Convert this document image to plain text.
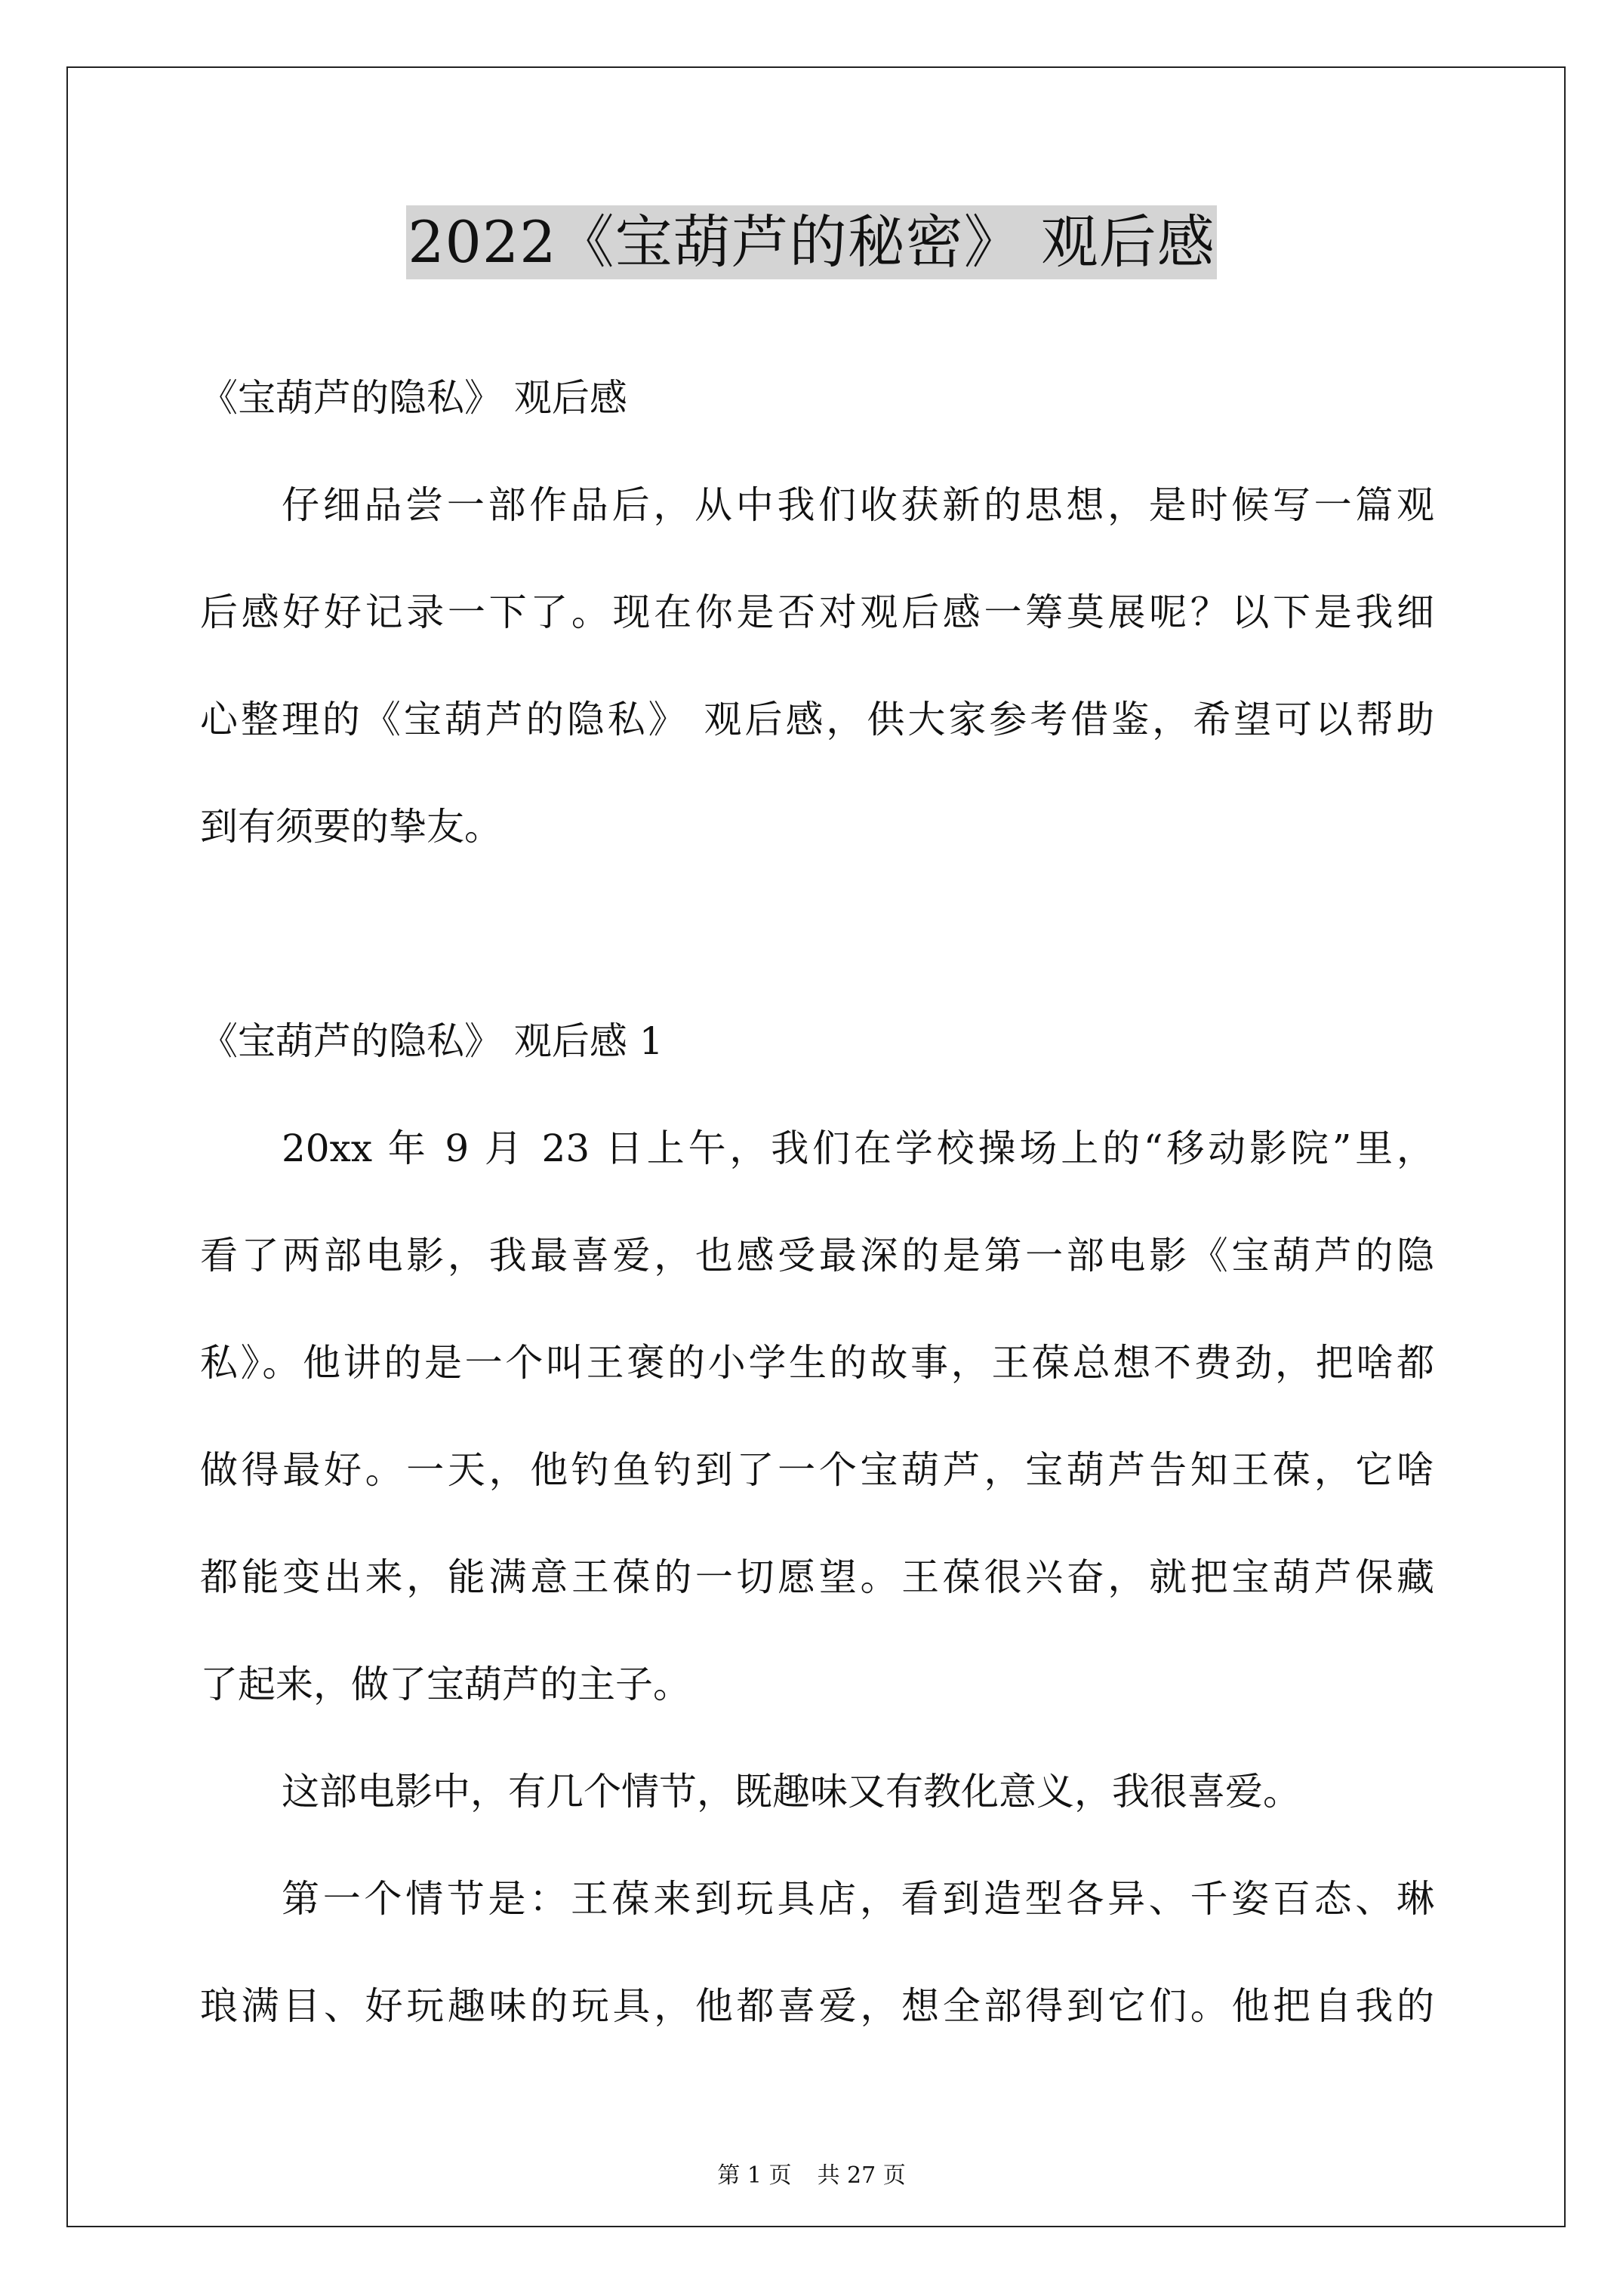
2022《宝葫芦的秘密》 观后感
《宝葫芦的隐私》 观后感
仔细品尝一部作品后，从中我们收获新的思想，是时候写一篇观
后感好好记录一下了。现在你是否对观后感一筹莫展呢？以下是我细
心整理的《宝葫芦的隐私》 观后感，供大家参考借鉴，希望可以帮助
到有须要的挚友。
《宝葫芦的隐私》 观后感 1
20xx 年 9 月 23 日上午，我们在学校操场上的“移动影院”里，
看了两部电影，我最喜爱，也感受最深的是第一部电影《宝葫芦的隐
私》。他讲的是一个叫王褒的小学生的故事，王葆总想不费劲，把啥都
做得最好。一天，他钓鱼钓到了一个宝葫芦，宝葫芦告知王葆，它啥
都能变出来，能满意王葆的一切愿望。王葆很兴奋，就把宝葫芦保藏
了起来，做了宝葫芦的主子。
这部电影中，有几个情节，既趣味又有教化意义，我很喜爱。
第一个情节是：王葆来到玩具店，看到造型各异、千姿百态、琳
琅满目、好玩趣味的玩具，他都喜爱，想全部得到它们。他把自我的
第 1 页 共 27 页
